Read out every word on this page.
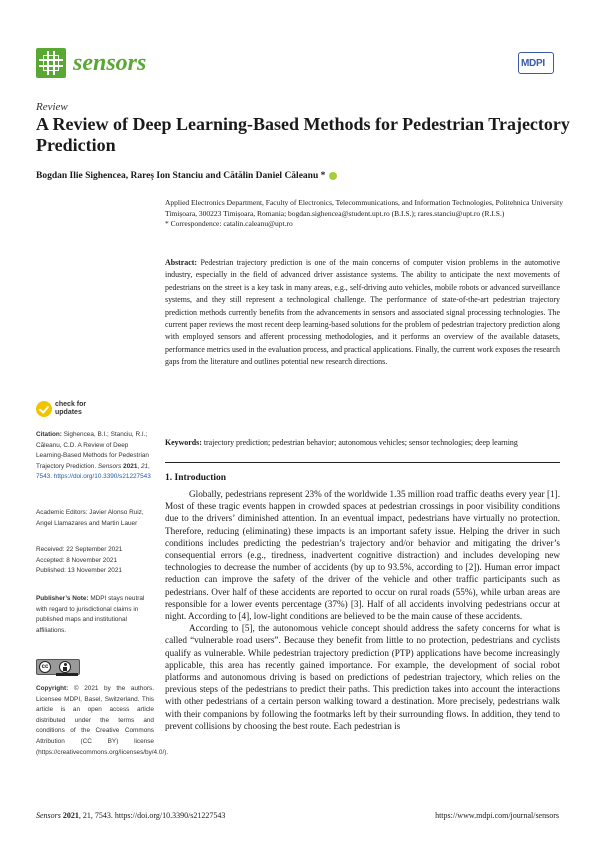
sensors	MDPI
Review
A Review of Deep Learning-Based Methods for Pedestrian Trajectory Prediction
Bogdan Ilie Sighencea, Rareș Ion Stanciu and Cătălin Daniel Căleanu *
Applied Electronics Department, Faculty of Electronics, Telecommunications, and Information Technologies, Politehnica University Timișoara, 300223 Timișoara, Romania; bogdan.sighencea@student.upt.ro (B.I.S.); rares.stanciu@upt.ro (R.I.S.)
* Correspondence: catalin.caleanu@upt.ro
Abstract: Pedestrian trajectory prediction is one of the main concerns of computer vision problems in the automotive industry, especially in the field of advanced driver assistance systems. The ability to anticipate the next movements of pedestrians on the street is a key task in many areas, e.g., self-driving auto vehicles, mobile robots or advanced surveillance systems, and they still represent a technological challenge. The performance of state-of-the-art pedestrian trajectory prediction methods currently benefits from the advancements in sensors and associated signal processing technologies. The current paper reviews the most recent deep learning-based solutions for the problem of pedestrian trajectory prediction along with employed sensors and afferent processing methodologies, and it performs an overview of the available datasets, performance metrics used in the evaluation process, and practical applications. Finally, the current work exposes the research gaps from the literature and outlines potential new research directions.
Keywords: trajectory prediction; pedestrian behavior; autonomous vehicles; sensor technologies; deep learning
check for
updates
Citation: Sighencea, B.I.; Stanciu, R.I.; Căleanu, C.D. A Review of Deep Learning-Based Methods for Pedestrian Trajectory Prediction. Sensors 2021, 21, 7543. https://doi.org/10.3390/s21227543
Academic Editors: Javier Alonso Ruiz, Angel Llamazares and Martin Lauer
Received: 22 September 2021
Accepted: 8 November 2021
Published: 13 November 2021
Publisher’s Note: MDPI stays neutral with regard to jurisdictional claims in published maps and institutional affiliations.
cc
Copyright: © 2021 by the authors. Licensee MDPI, Basel, Switzerland. This article is an open access article distributed under the terms and conditions of the Creative Commons Attribution (CC BY) license (https://creativecommons.org/licenses/by/4.0/).
1. Introduction

Globally, pedestrians represent 23% of the worldwide 1.35 million road traffic deaths every year [1]. Most of these tragic events happen in crowded spaces at pedestrian crossings in poor visibility conditions due to the drivers’ diminished attention. In an eventual impact, pedestrians have virtually no protection. Therefore, reducing (eliminating) these impacts is an important safety issue. Helping the driver in such conditions includes predicting the pedestrian’s trajectory and/or behavior and mitigating the driver’s consequential errors (e.g., tiredness, inadvertent cognitive distraction) and includes developing new technologies to decrease the number of accidents (by up to 93.5%, according to [2]). Human error impact reduction can improve the safety of the driver of the vehicle and other traffic participants such as pedestrians. Over half of these accidents are reported to occur on rural roads (55%), while urban areas are responsible for a lower events percentage (37%) [3]. Half of all accidents involving pedestrians occur at night. According to [4], low-light conditions are believed to be the main cause of these accidents.

According to [5], the autonomous vehicle concept should address the safety concerns for what is called “vulnerable road users”. Because they benefit from little to no protection, pedestrians and cyclists qualify as vulnerable. While pedestrian trajectory prediction (PTP) applications have become increasingly applicable, this area has recently gained importance. For example, the development of social robot platforms and autonomous driving is based on predictions of pedestrian trajectory, which relies on the previous steps of the pedestrians to predict their paths. This prediction takes into account the interactions with other pedestrians of a certain person walking toward a destination. More precisely, pedestrians walk with their companions by following the footmarks left by their surrounding flows. In addition, they tend to prevent collisions by choosing the best route. Each pedestrian is

Sensors 2021, 21, 7543. https://doi.org/10.3390/s21227543	https://www.mdpi.com/journal/sensors
